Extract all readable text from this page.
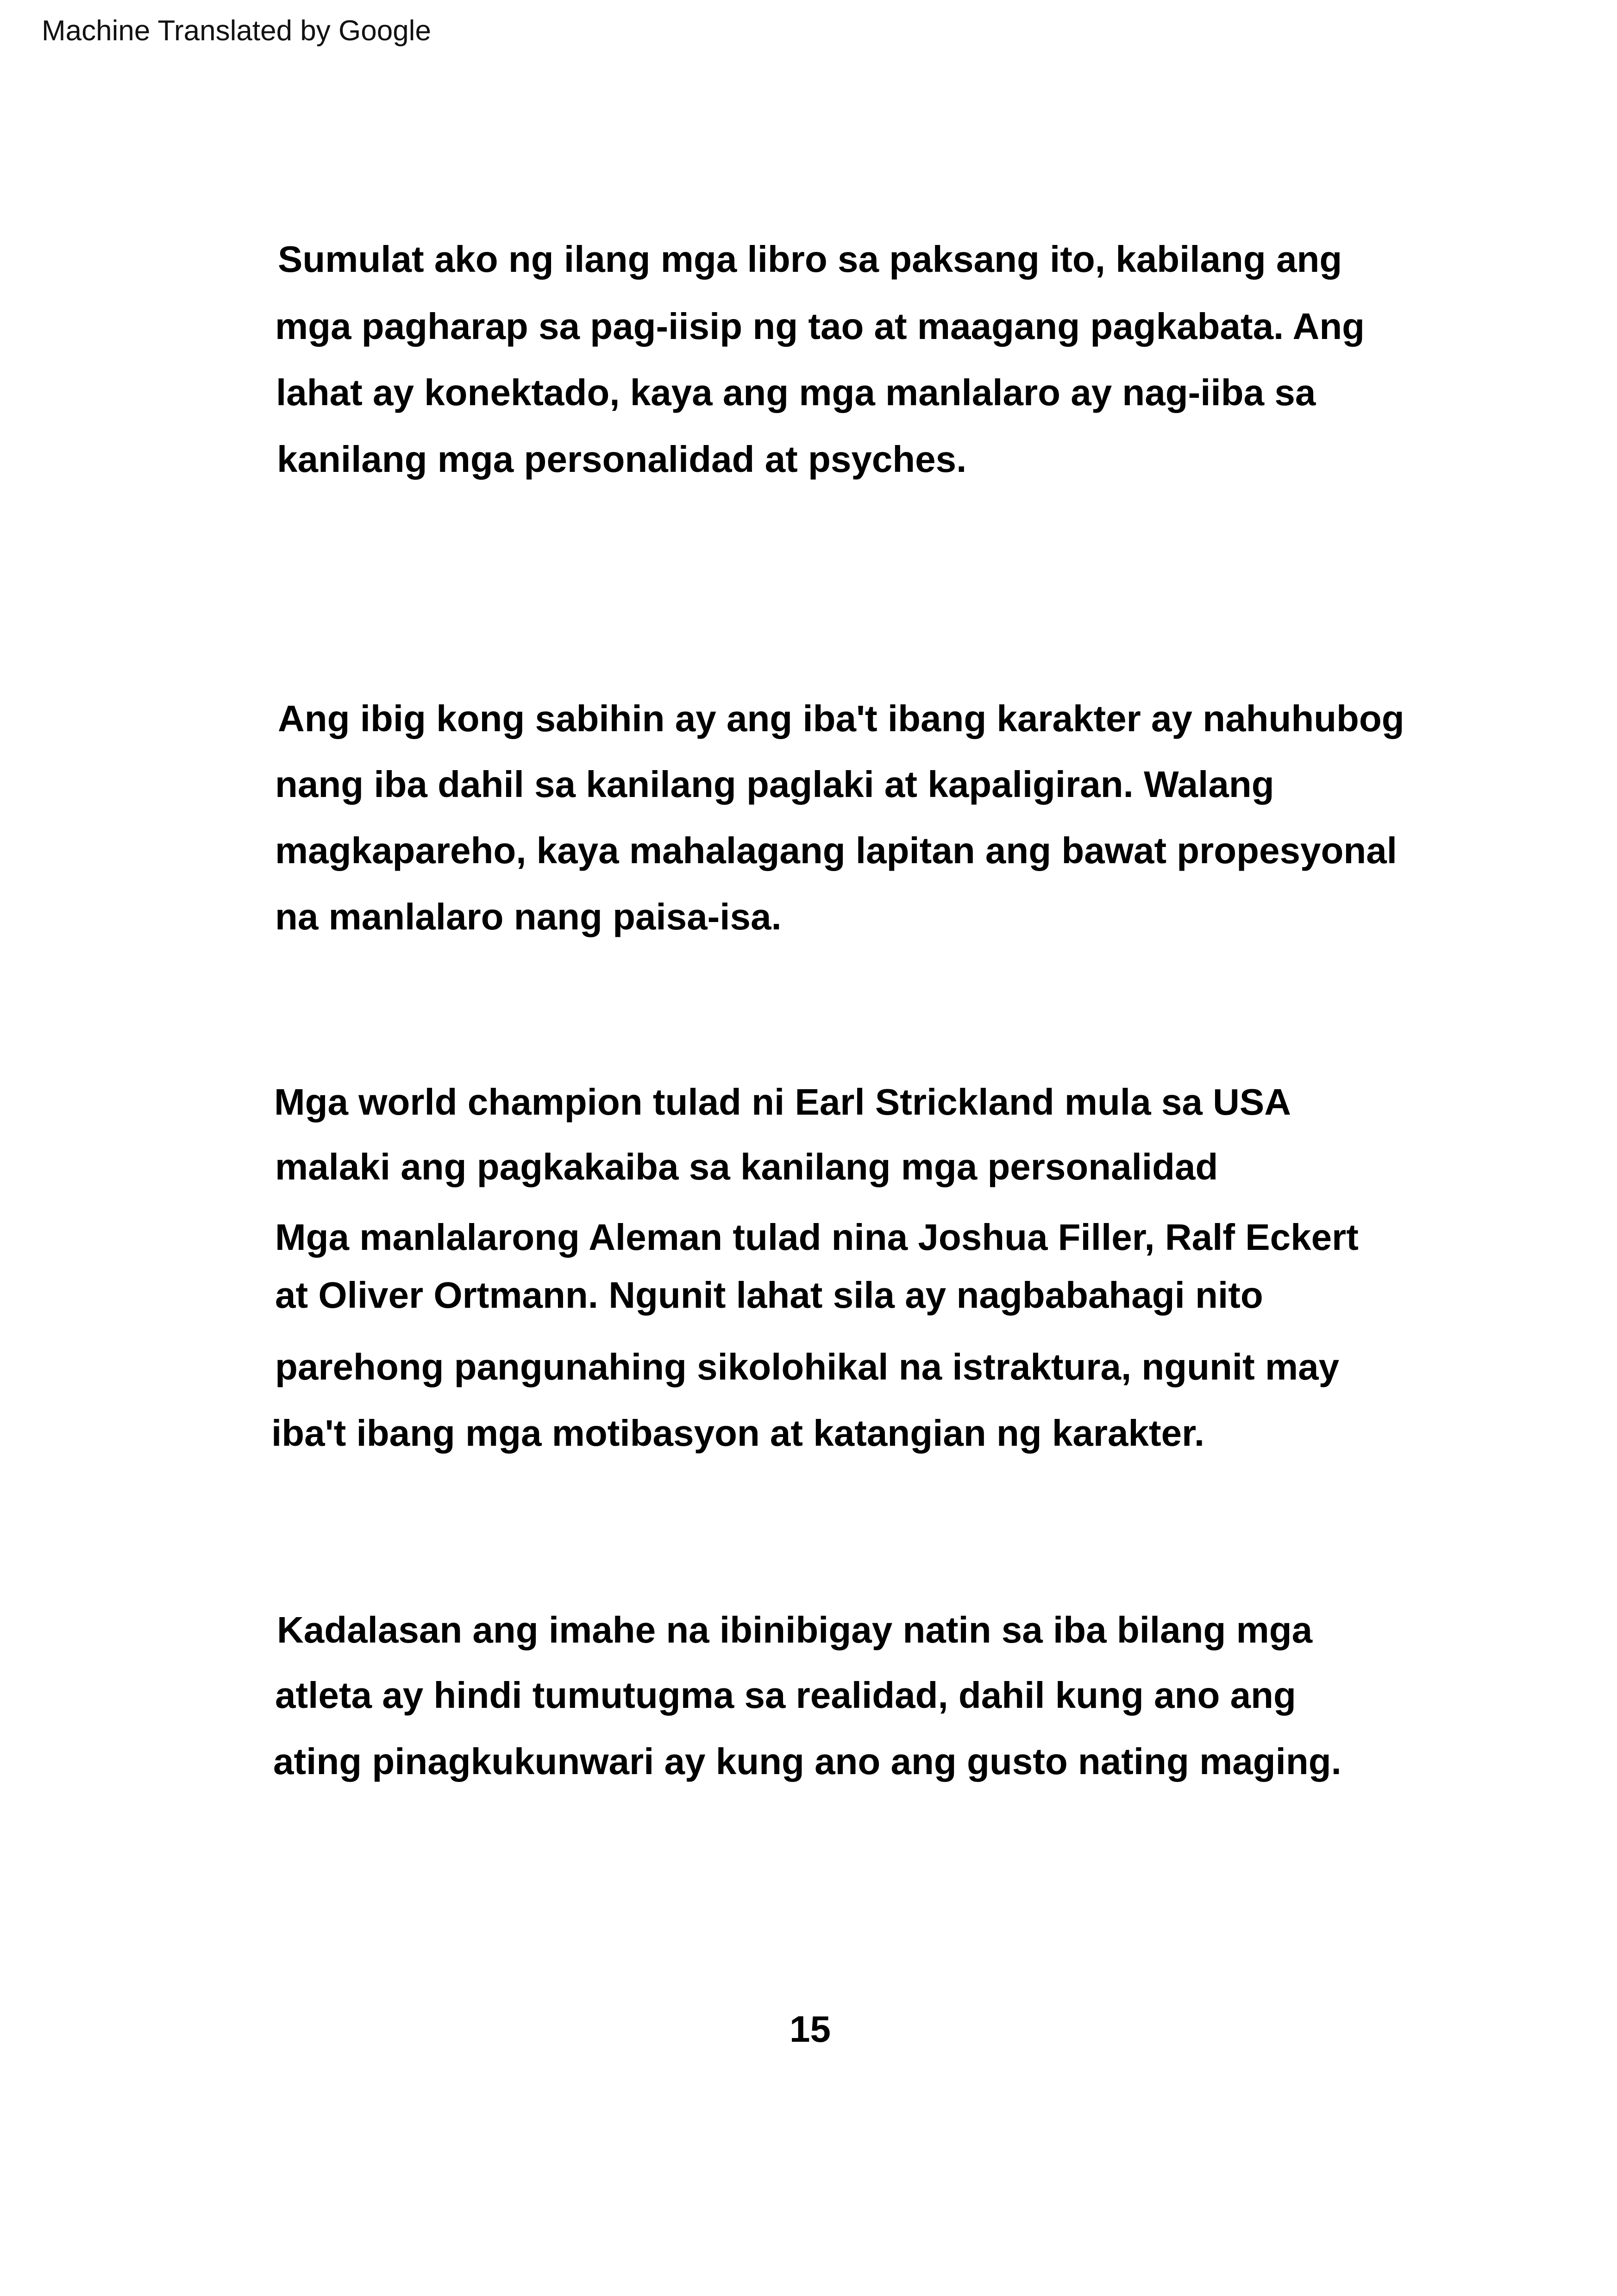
Machine Translated by Google
Sumulat ako ng ilang mga libro sa paksang ito, kabilang ang
mga pagharap sa pag-iisip ng tao at maagang pagkabata. Ang
lahat ay konektado, kaya ang mga manlalaro ay nag-iiba sa
kanilang mga personalidad at psyches.
Ang ibig kong sabihin ay ang iba't ibang karakter ay nahuhubog
nang iba dahil sa kanilang paglaki at kapaligiran. Walang
magkapareho, kaya mahalagang lapitan ang bawat propesyonal
na manlalaro nang paisa-isa.
Mga world champion tulad ni Earl Strickland mula sa USA
malaki ang pagkakaiba sa kanilang mga personalidad
Mga manlalarong Aleman tulad nina Joshua Filler, Ralf Eckert
at Oliver Ortmann. Ngunit lahat sila ay nagbabahagi nito
parehong pangunahing sikolohikal na istraktura, ngunit may
iba't ibang mga motibasyon at katangian ng karakter.
Kadalasan ang imahe na ibinibigay natin sa iba bilang mga
atleta ay hindi tumutugma sa realidad, dahil kung ano ang
ating pinagkukunwari ay kung ano ang gusto nating maging.
15
